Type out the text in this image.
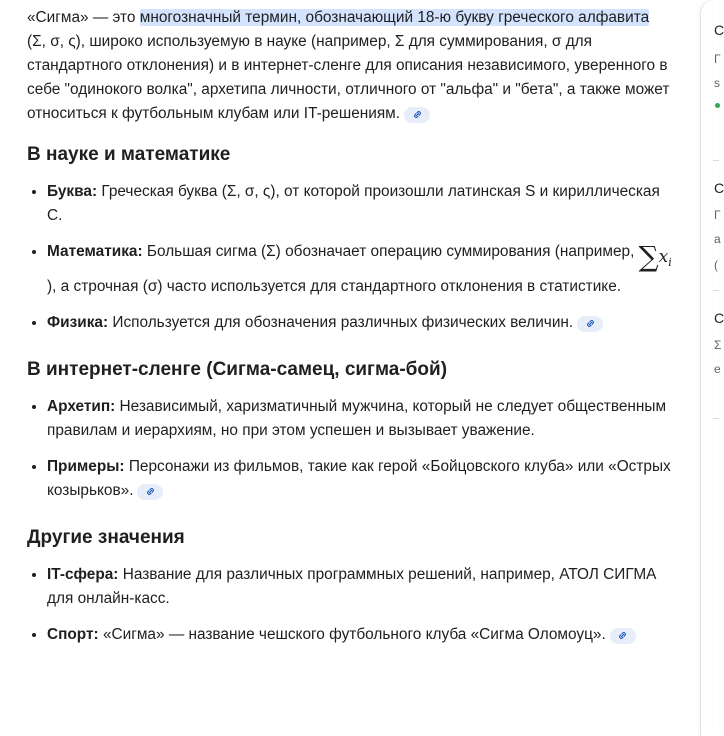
«Сигма» — это многозначный термин, обозначающий 18-ю букву греческого алфавита (Σ, σ, ς), широко используемую в науке (например, Σ для суммирования, σ для стандартного отклонения) и в интернет-сленге для описания независимого, уверенного в себе "одинокого волка", архетипа личности, отличного от "альфа" и "бета", а также может относиться к футбольным клубам или IT-решениям.

В науке и математике
• Буква: Греческая буква (Σ, σ, ς), от которой произошли латинская S и кириллическая С.
• Математика: Большая сигма (Σ) обозначает операцию суммирования (например, $\sum x_i$), а строчная (σ) часто используется для стандартного отклонения в статистике.
• Физика: Используется для обозначения различных физических величин.
В интернет-сленге (Сигма-самец, сигма-бой)
• Архетип: Независимый, харизматичный мужчина, который не следует общественным правилам и иерархиям, но при этом успешен и вызывает уважение.
• Примеры: Персонажи из фильмов, такие как герой «Бойцовского клуба» или «Острых козырьков».
Другие значения
• IT-сфера: Название для различных программных решений, например, АТОЛ СИГМА для онлайн-касс.
• Спорт: «Сигма» — название чешского футбольного клуба «Сигма Оломоуц».
С
Г
s
С
Г
а
(
C
Σ
е
